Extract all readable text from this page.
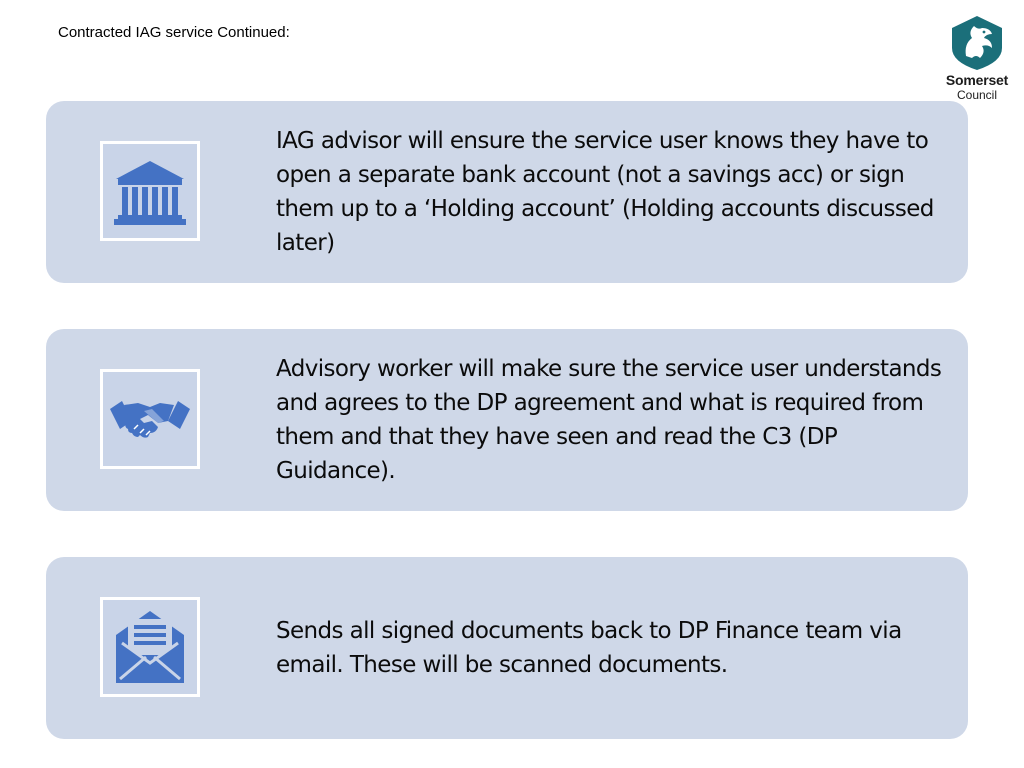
Contracted IAG service Continued:
Somerset
Council
IAG advisor will ensure the service user knows they have to open a separate bank account (not a savings acc) or sign them up to a ‘Holding account’ (Holding accounts discussed later)
Advisory worker will make sure the service user understands and agrees to the DP agreement and what is required from them and that they have seen and read the C3 (DP Guidance).
Sends all signed documents back to DP Finance team via email. These will be scanned documents.
